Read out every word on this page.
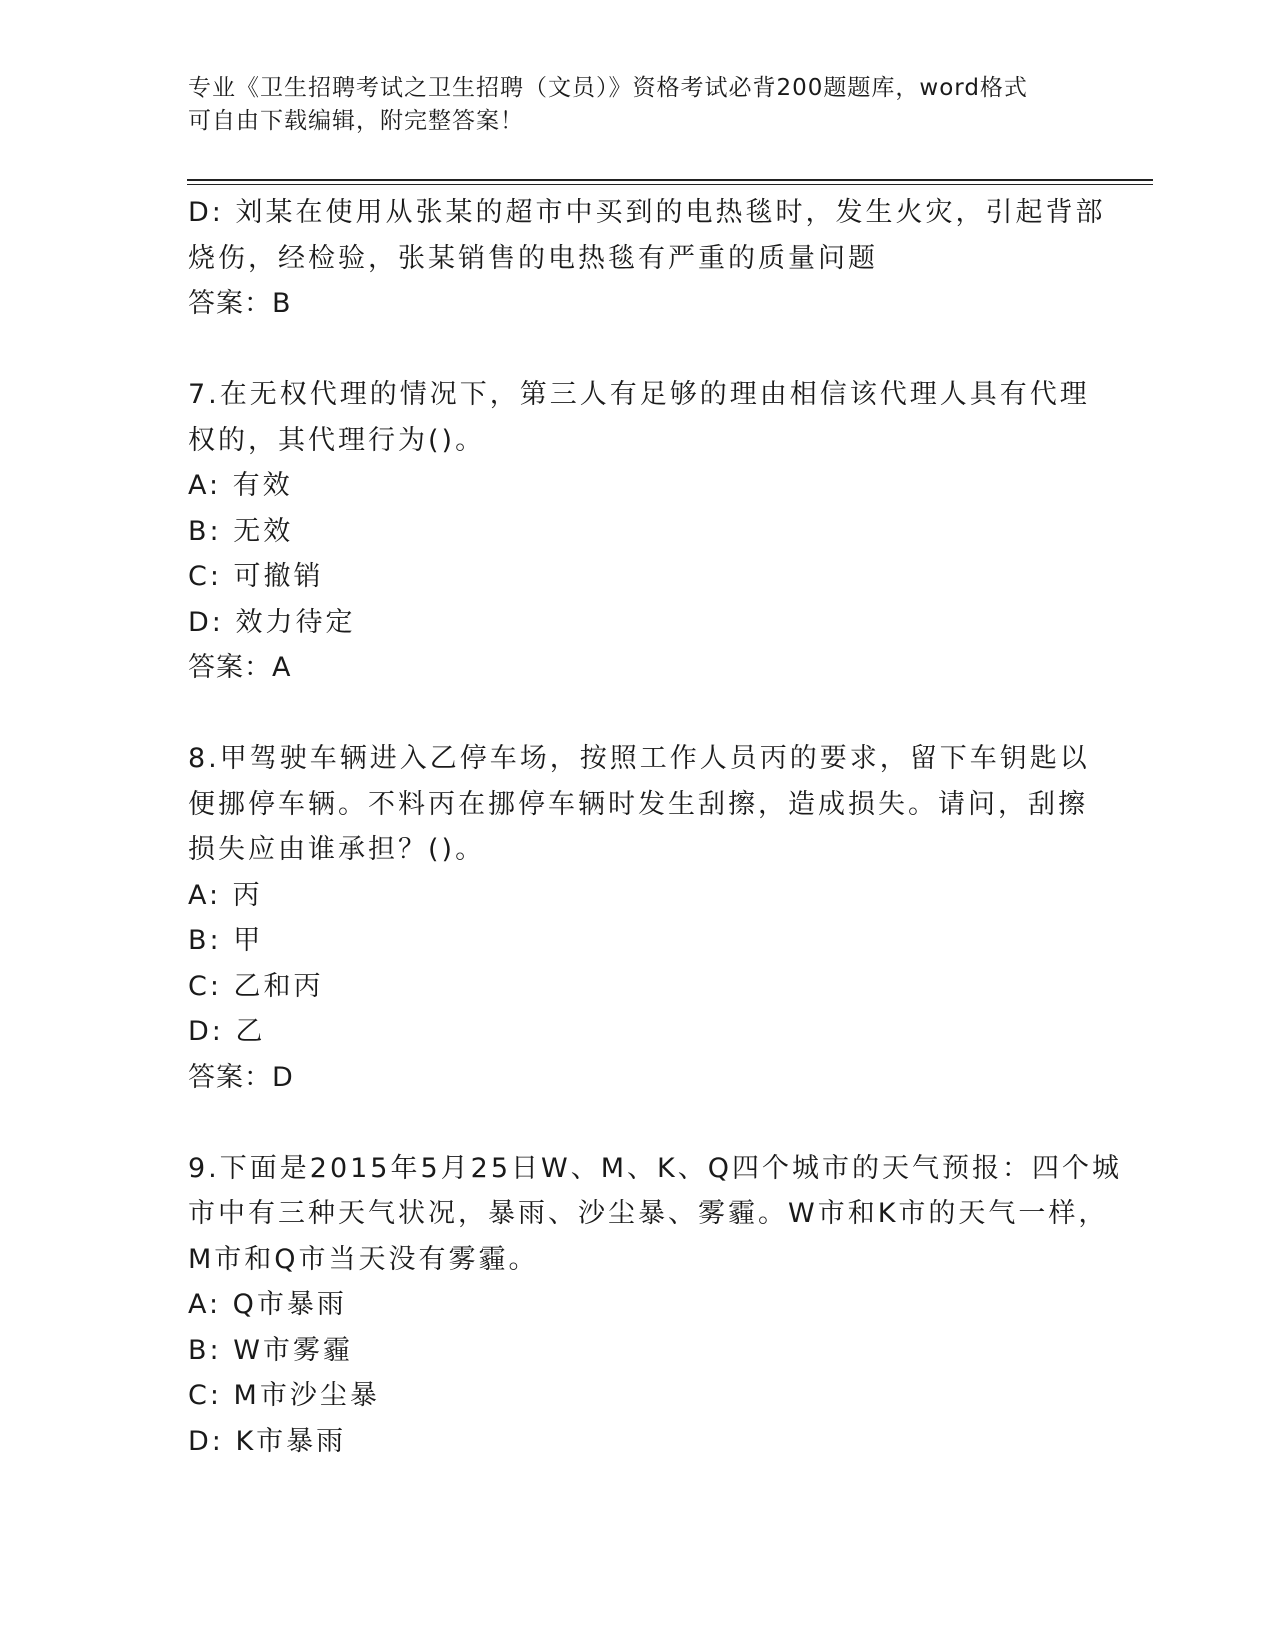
专业《卫生招聘考试之卫生招聘（文员）》资格考试必背200题题库，word格式
可自由下载编辑，附完整答案！
D: 刘某在使用从张某的超市中买到的电热毯时，发生火灾，引起背部
烧伤，经检验，张某销售的电热毯有严重的质量问题
答案：B
7.在无权代理的情况下，第三人有足够的理由相信该代理人具有代理
权的，其代理行为()。
A: 有效
B: 无效
C: 可撤销
D: 效力待定
答案：A
8.甲驾驶车辆进入乙停车场，按照工作人员丙的要求，留下车钥匙以
便挪停车辆。不料丙在挪停车辆时发生刮擦，造成损失。请问，刮擦
损失应由谁承担？()。
A: 丙
B: 甲
C: 乙和丙
D: 乙
答案：D
9.下面是2015年5月25日W、M、K、Q四个城市的天气预报：四个城
市中有三种天气状况，暴雨、沙尘暴、雾霾。W市和K市的天气一样，
M市和Q市当天没有雾霾。
A: Q市暴雨
B: W市雾霾
C: M市沙尘暴
D: K市暴雨
